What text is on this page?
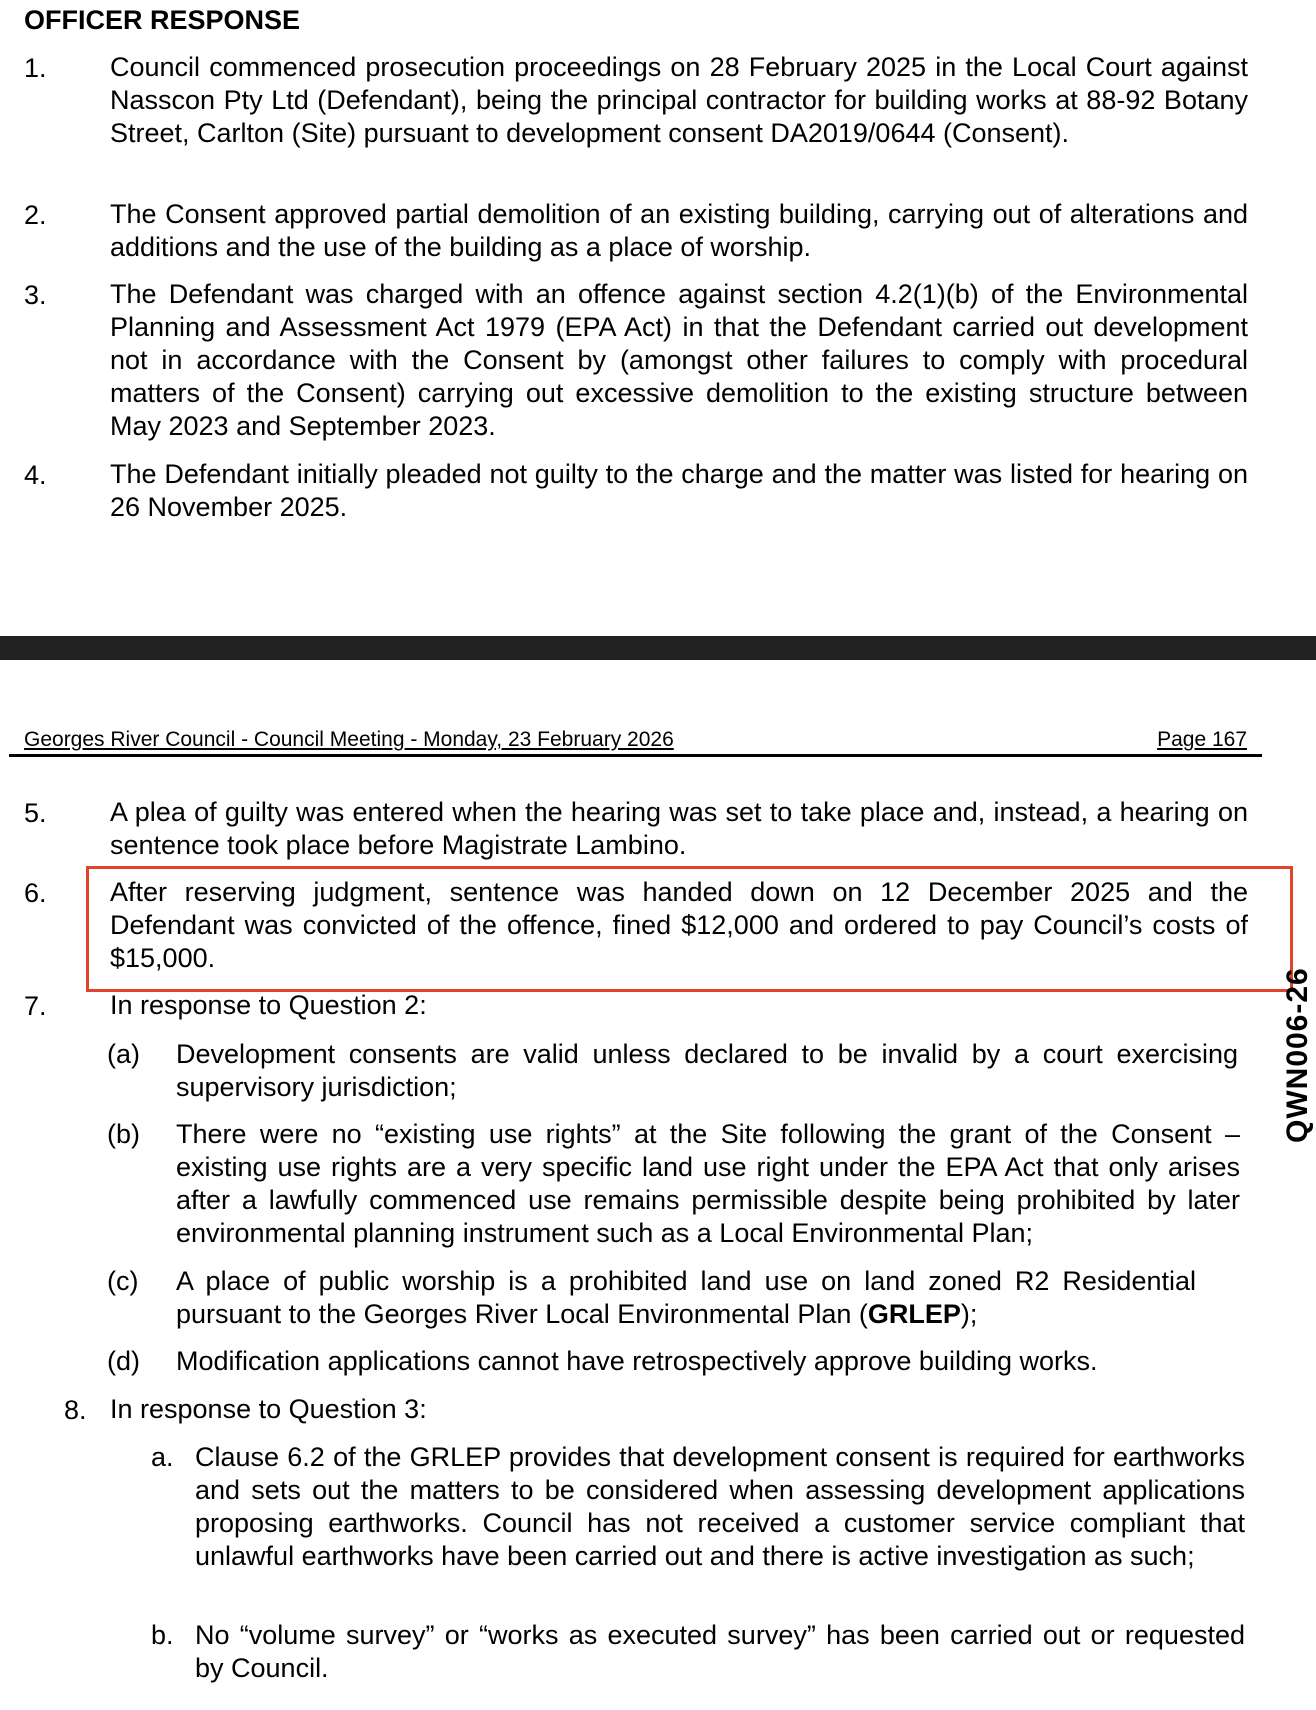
OFFICER RESPONSE
1.	Council commenced prosecution proceedings on 28 February 2025 in the Local Court against Nasscon Pty Ltd (Defendant), being the principal contractor for building works at 88-92 Botany Street, Carlton (Site) pursuant to development consent DA2019/0644 (Consent).
2.	The Consent approved partial demolition of an existing building, carrying out of alterations and additions and the use of the building as a place of worship.
3.	The Defendant was charged with an offence against section 4.2(1)(b) of the Environmental Planning and Assessment Act 1979 (EPA Act) in that the Defendant carried out development not in accordance with the Consent by (amongst other failures to comply with procedural matters of the Consent) carrying out excessive demolition to the existing structure between May 2023 and September 2023.
4.	The Defendant initially pleaded not guilty to the charge and the matter was listed for hearing on 26 November 2025.
Georges River Council - Council Meeting - Monday, 23 February 2026	Page 167
5.	A plea of guilty was entered when the hearing was set to take place and, instead, a hearing on sentence took place before Magistrate Lambino.
6.	After reserving judgment, sentence was handed down on 12 December 2025 and the Defendant was convicted of the offence, fined $12,000 and ordered to pay Council’s costs of $15,000.
7.	In response to Question 2:
(a) Development consents are valid unless declared to be invalid by a court exercising supervisory jurisdiction;
(b) There were no “existing use rights” at the Site following the grant of the Consent – existing use rights are a very specific land use right under the EPA Act that only arises after a lawfully commenced use remains permissible despite being prohibited by later environmental planning instrument such as a Local Environmental Plan;
(c) A place of public worship is a prohibited land use on land zoned R2 Residential pursuant to the Georges River Local Environmental Plan (GRLEP);
(d) Modification applications cannot have retrospectively approve building works.
8. In response to Question 3:
a. Clause 6.2 of the GRLEP provides that development consent is required for earthworks and sets out the matters to be considered when assessing development applications proposing earthworks. Council has not received a customer service compliant that unlawful earthworks have been carried out and there is active investigation as such;
b. No “volume survey” or “works as executed survey” has been carried out or requested by Council.
QWN006-26
